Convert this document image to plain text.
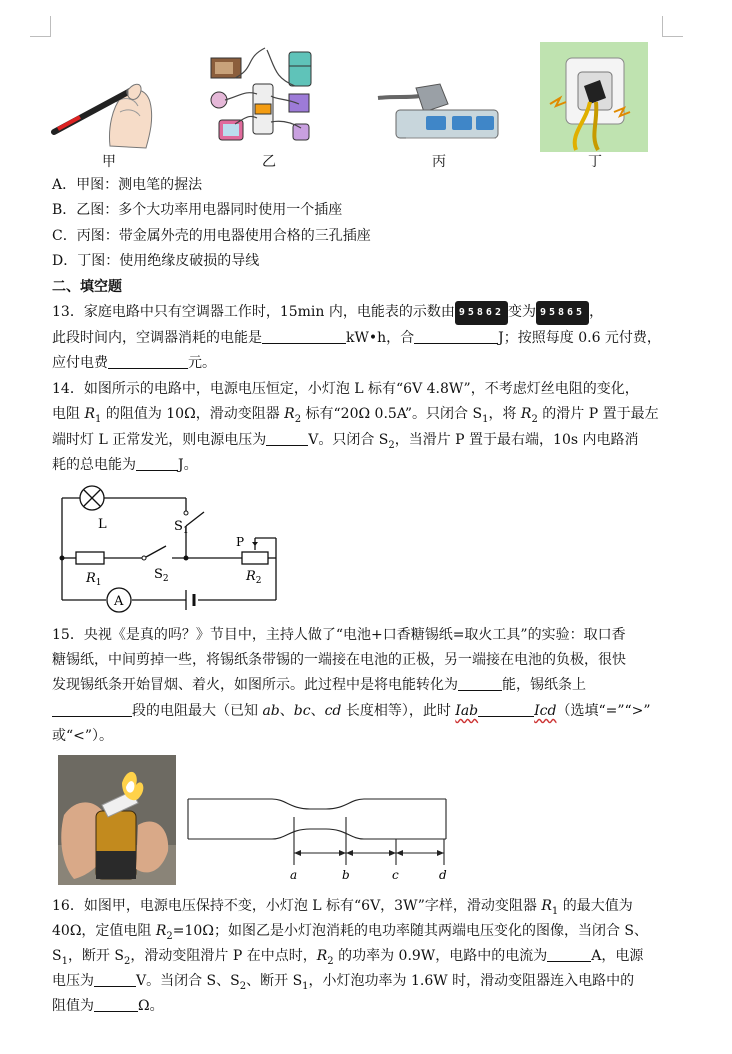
甲	乙	丙	丁
A．甲图：测电笔的握法
B．乙图：多个大功率用电器同时使用一个插座
C．丙图：带金属外壳的用电器使用合格的三孔插座
D．丁图：使用绝缘皮破损的导线
二、填空题
13．家庭电路中只有空调器工作时，15min 内，电能表的示数由 95862 变为 95865 ，
此段时间内，空调器消耗的电能是	kW•h，合	J；按照每度 0.6 元付费，
应付电费	元。
14．如图所示的电路中，电源电压恒定，小灯泡 L 标有“6V 4.8W”，不考虑灯丝电阻的变化，
电阻 $R_1$ 的阻值为 10Ω，滑动变阻器 $R_2$ 标有“20Ω 0.5A”。只闭合 $S_1$，将 $R_2$ 的滑片 P 置于最左
端时灯 L 正常发光，则电源电压为	V。只闭合 $S_2$，当滑片 P 置于最右端，10s 内电路消
耗的总电能为	J。
L	$S_1$
$R_1$
$S_2$
P
$R_2$
A
15．央视《是真的吗？》节目中，主持人做了“电池+口香糖锡纸=取火工具”的实验：取口香
糖锡纸，中间剪掉一些，将锡纸条带锡的一端接在电池的正极，另一端接在电池的负极，很快
发现锡纸条开始冒烟、着火，如图所示。此过程中是将电能转化为	能，锡纸条上
段的电阻最大（已知 ab、bc、cd 长度相等），此时 Iab	Icd（选填“=”“>”
或“<”）。
a	b	c	d
16．如图甲，电源电压保持不变，小灯泡 L 标有“6V，3W”字样，滑动变阻器 $R_1$ 的最大值为
40Ω，定值电阻 $R_2=10\Omega$；如图乙是小灯泡消耗的电功率随其两端电压变化的图像，当闭合 S、
$S_1$，断开 $S_2$，滑动变阻滑片 P 在中点时，$R_2$ 的功率为 0.9W，电路中的电流为	A，电源
电压为	V。当闭合 S、$S_2$、断开 $S_1$，小灯泡功率为 1.6W 时，滑动变阻器连入电路中的
阻值为	Ω。
